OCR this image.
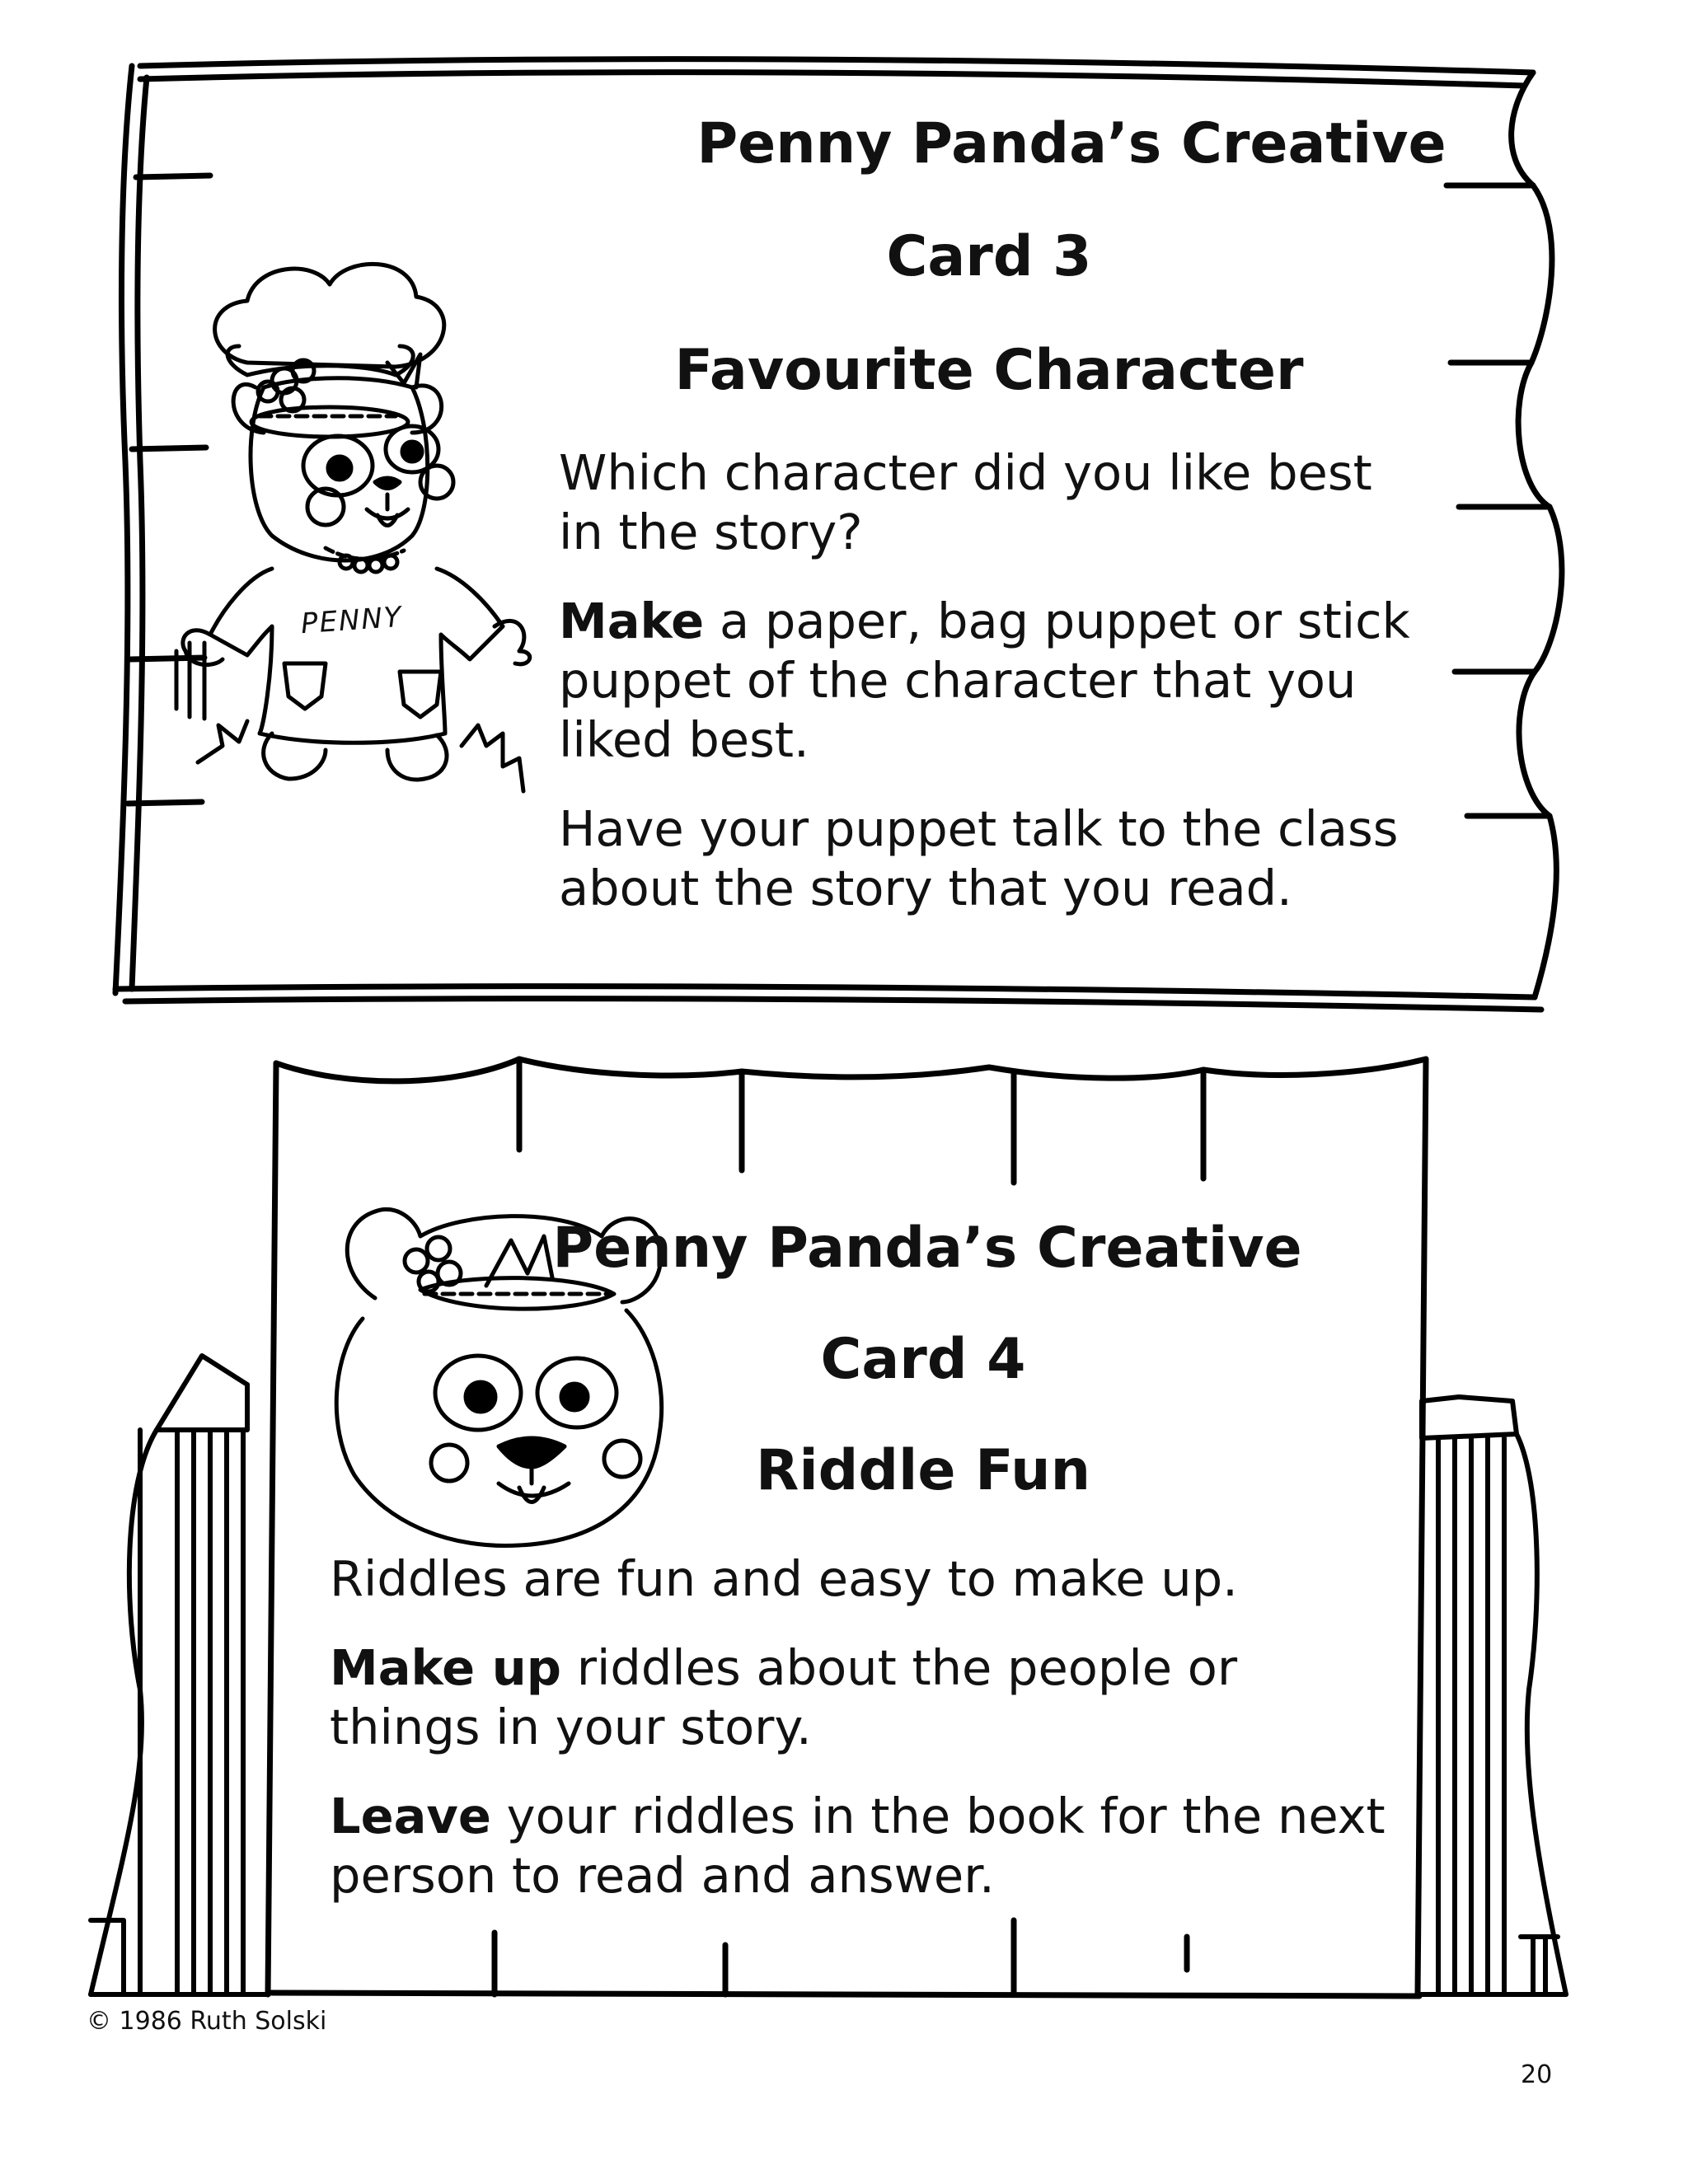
Penny Panda’s Creative
Card 3
Favourite Character

Which character did you like best in the story?

Make a paper, bag puppet or stick puppet of the character that you liked best.

Have your puppet talk to the class about the story that you read.

PENNY
Penny Panda’s Creative
Card 4
Riddle Fun

Riddles are fun and easy to make up.

Make up riddles about the people or things in your story.

Leave your riddles in the book for the next person to read and answer.

© 1986 Ruth Solski
20
